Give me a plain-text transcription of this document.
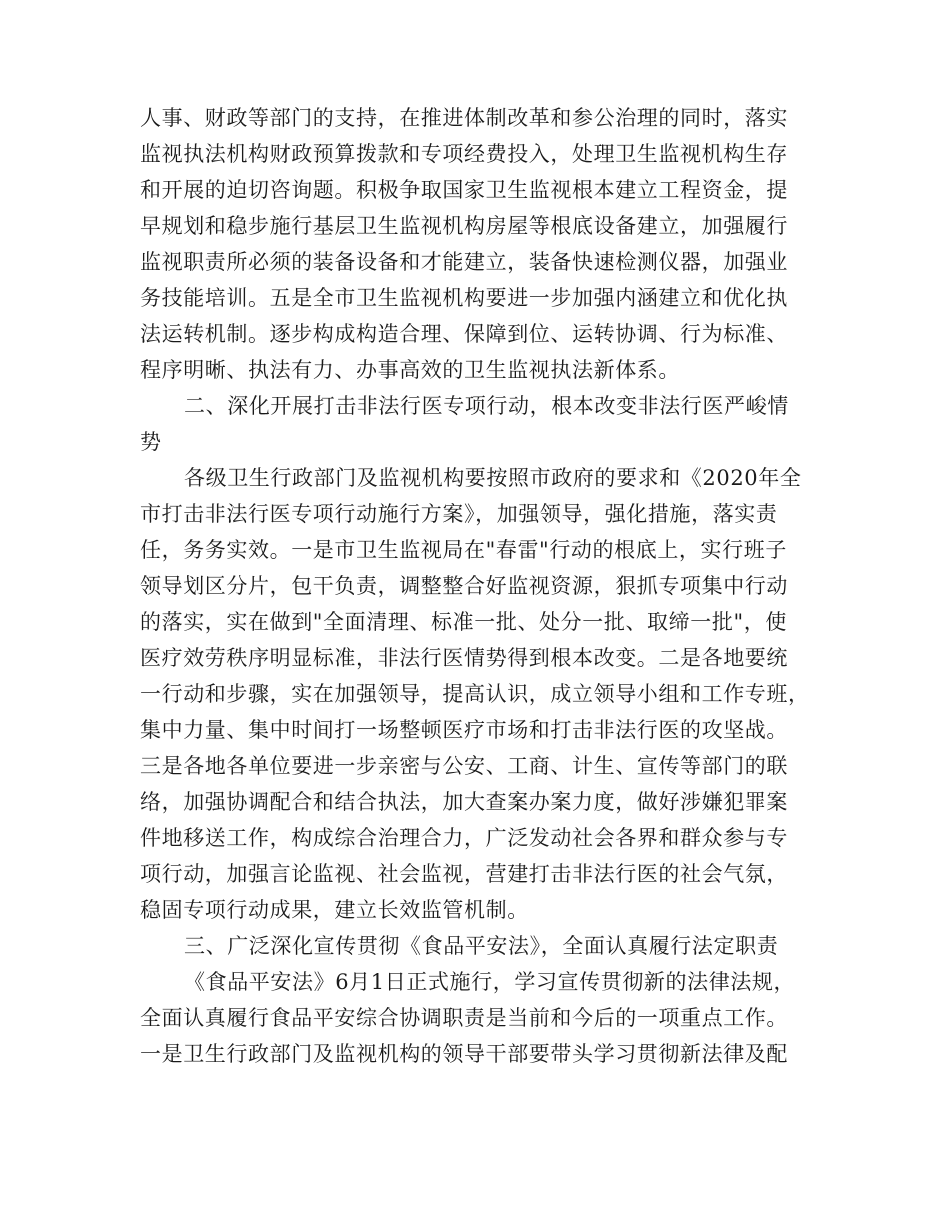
人事、财政等部门的支持，在推进体制改革和参公治理的同时，落实
监视执法机构财政预算拨款和专项经费投入，处理卫生监视机构生存
和开展的迫切咨询题。积极争取国家卫生监视根本建立工程资金，提
早规划和稳步施行基层卫生监视机构房屋等根底设备建立，加强履行
监视职责所必须的装备设备和才能建立，装备快速检测仪器，加强业
务技能培训。五是全市卫生监视机构要进一步加强内涵建立和优化执
法运转机制。逐步构成构造合理、保障到位、运转协调、行为标准、
程序明晰、执法有力、办事高效的卫生监视执法新体系。
二、深化开展打击非法行医专项行动，根本改变非法行医严峻情
势
各级卫生行政部门及监视机构要按照市政府的要求和《2020年全
市打击非法行医专项行动施行方案》，加强领导，强化措施，落实责
任，务务实效。一是市卫生监视局在"春雷"行动的根底上，实行班子
领导划区分片，包干负责，调整整合好监视资源，狠抓专项集中行动
的落实，实在做到"全面清理、标准一批、处分一批、取缔一批"，使
医疗效劳秩序明显标准，非法行医情势得到根本改变。二是各地要统
一行动和步骤，实在加强领导，提高认识，成立领导小组和工作专班，
集中力量、集中时间打一场整顿医疗市场和打击非法行医的攻坚战。
三是各地各单位要进一步亲密与公安、工商、计生、宣传等部门的联
络，加强协调配合和结合执法，加大查案办案力度，做好涉嫌犯罪案
件地移送工作，构成综合治理合力，广泛发动社会各界和群众参与专
项行动，加强言论监视、社会监视，营建打击非法行医的社会气氛，
稳固专项行动成果，建立长效监管机制。
三、广泛深化宣传贯彻《食品平安法》，全面认真履行法定职责
《食品平安法》6月1日正式施行，学习宣传贯彻新的法律法规，
全面认真履行食品平安综合协调职责是当前和今后的一项重点工作。
一是卫生行政部门及监视机构的领导干部要带头学习贯彻新法律及配
